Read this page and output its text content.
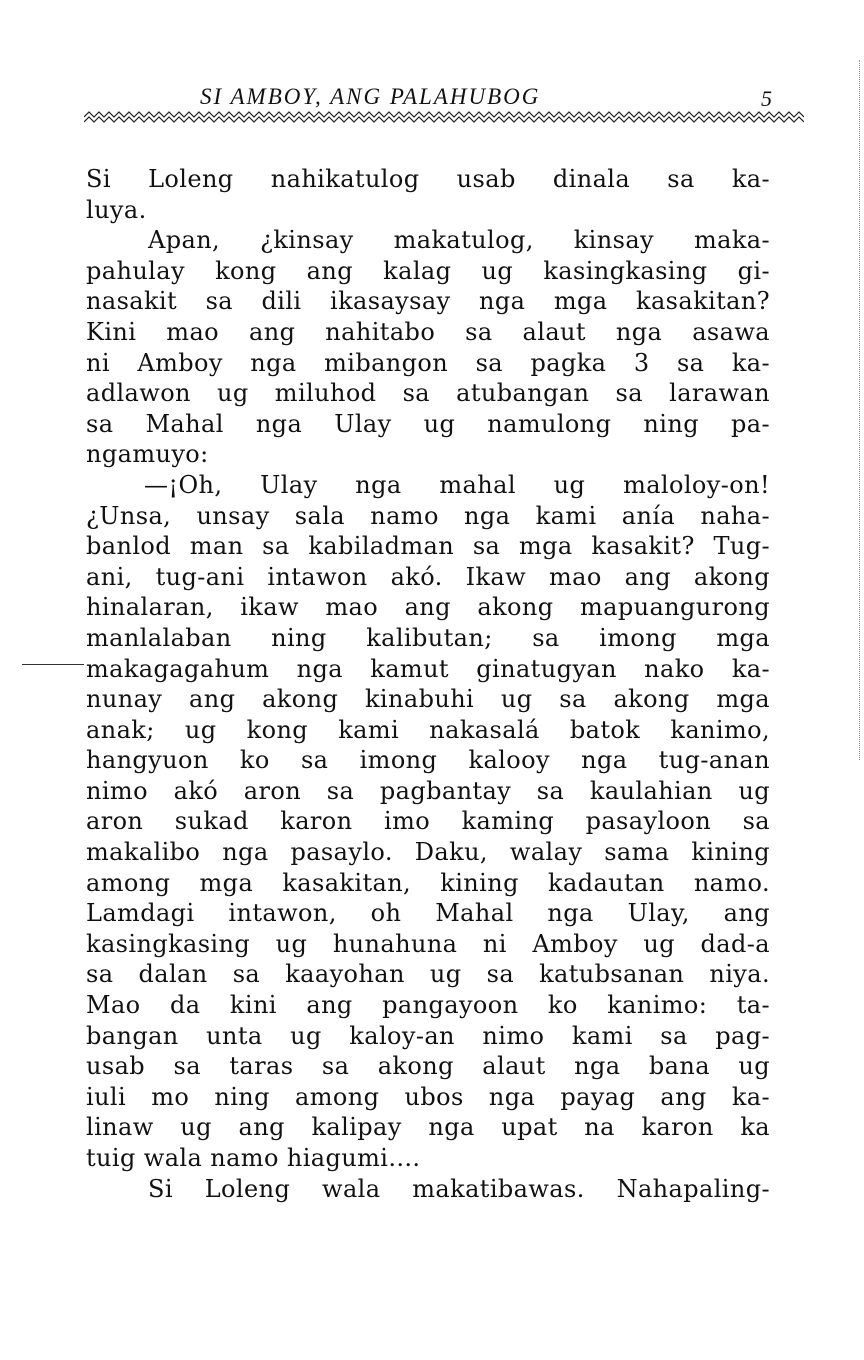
SI AMBOY, ANG PALAHUBOG	5
Si Loleng nahikatulog usab dinala sa ka-
luya.
Apan, ¿kinsay makatulog, kinsay maka-
pahulay kong ang kalag ug kasingkasing gi-
nasakit sa dili ikasaysay nga mga kasakitan?
Kini mao ang nahitabo sa alaut nga asawa
ni Amboy nga mibangon sa pagka 3 sa ka-
adlawon ug miluhod sa atubangan sa larawan
sa Mahal nga Ulay ug namulong ning pa-
ngamuyo:
—¡Oh, Ulay nga mahal ug maloloy-on!
¿Unsa, unsay sala namo nga kami anía naha-
banlod man sa kabiladman sa mga kasakit? Tug-
ani, tug-ani intawon akó. Ikaw mao ang akong
hinalaran, ikaw mao ang akong mapuangurong
manlalaban ning kalibutan; sa imong mga
makagagahum nga kamut ginatugyan nako ka-
nunay ang akong kinabuhi ug sa akong mga
anak; ug kong kami nakasalá batok kanimo,
hangyuon ko sa imong kalooy nga tug-anan
nimo akó aron sa pagbantay sa kaulahian ug
aron sukad karon imo kaming pasayloon sa
makalibo nga pasaylo. Daku, walay sama kining
among mga kasakitan, kining kadautan namo.
Lamdagi intawon, oh Mahal nga Ulay, ang
kasingkasing ug hunahuna ni Amboy ug dad-a
sa dalan sa kaayohan ug sa katubsanan niya.
Mao da kini ang pangayoon ko kanimo: ta-
bangan unta ug kaloy-an nimo kami sa pag-
usab sa taras sa akong alaut nga bana ug
iuli mo ning among ubos nga payag ang ka-
linaw ug ang kalipay nga upat na karon ka
tuig wala namo hiagumi....
Si Loleng wala makatibawas. Nahapaling-
